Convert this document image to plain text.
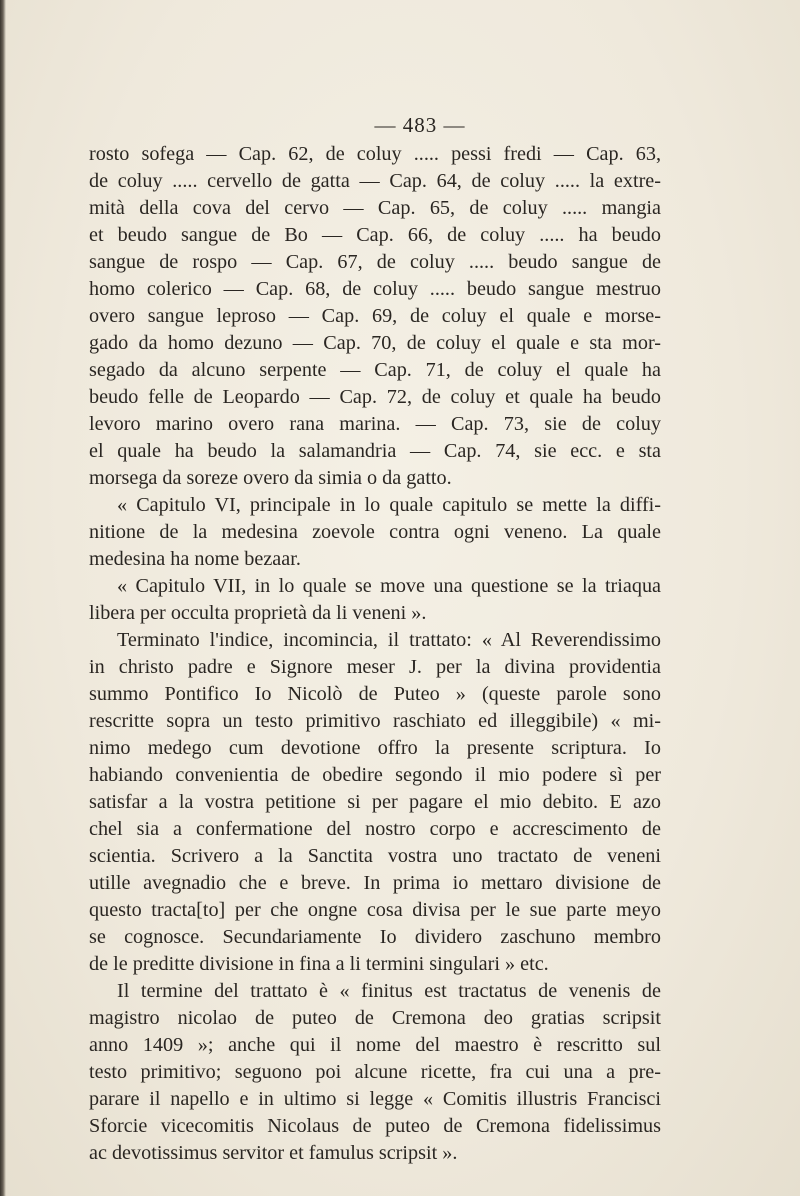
— 483 —
rosto sofega — Cap. 62, de coluy ..... pessi fredi — Cap. 63,
de coluy ..... cervello de gatta — Cap. 64, de coluy ..... la extre-
mità della cova del cervo — Cap. 65, de coluy ..... mangia
et beudo sangue de Bo — Cap. 66, de coluy ..... ha beudo
sangue de rospo — Cap. 67, de coluy ..... beudo sangue de
homo colerico — Cap. 68, de coluy ..... beudo sangue mestruo
overo sangue leproso — Cap. 69, de coluy el quale e morse-
gado da homo dezuno — Cap. 70, de coluy el quale e sta mor-
segado da alcuno serpente — Cap. 71, de coluy el quale ha
beudo felle de Leopardo — Cap. 72, de coluy et quale ha beudo
levoro marino overo rana marina. — Cap. 73, sie de coluy
el quale ha beudo la salamandria — Cap. 74, sie ecc. e sta
morsega da soreze overo da simia o da gatto.
« Capitulo VI, principale in lo quale capitulo se mette la diffi-
nitione de la medesina zoevole contra ogni veneno. La quale
medesina ha nome bezaar.
« Capitulo VII, in lo quale se move una questione se la triaqua
libera per occulta proprietà da li veneni ».
Terminato l'indice, incomincia, il trattato: « Al Reverendissimo
in christo padre e Signore meser J. per la divina providentia
summo Pontifico Io Nicolò de Puteo » (queste parole sono
rescritte sopra un testo primitivo raschiato ed illeggibile) « mi-
nimo medego cum devotione offro la presente scriptura. Io
habiando convenientia de obedire segondo il mio podere sì per
satisfar a la vostra petitione si per pagare el mio debito. E azo
chel sia a confermatione del nostro corpo e accrescimento de
scientia. Scrivero a la Sanctita vostra uno tractato de veneni
utille avegnadio che e breve. In prima io mettaro divisione de
questo tracta[to] per che ongne cosa divisa per le sue parte meyo
se cognosce. Secundariamente Io dividero zaschuno membro
de le preditte divisione in fina a li termini singulari » etc.
Il termine del trattato è « finitus est tractatus de venenis de
magistro nicolao de puteo de Cremona deo gratias scripsit
anno 1409 »; anche qui il nome del maestro è rescritto sul
testo primitivo; seguono poi alcune ricette, fra cui una a pre-
parare il napello e in ultimo si legge « Comitis illustris Francisci
Sforcie vicecomitis Nicolaus de puteo de Cremona fidelissimus
ac devotissimus servitor et famulus scripsit ».
